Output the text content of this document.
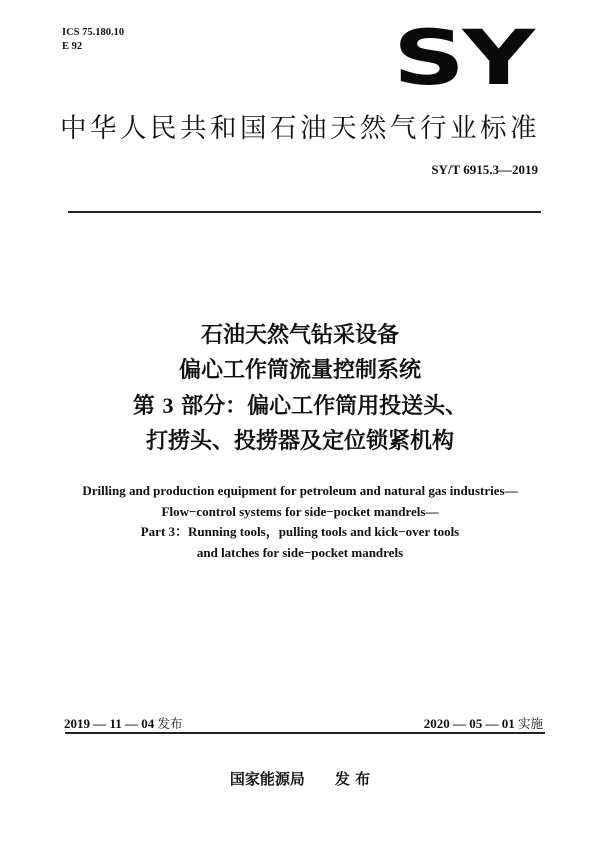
ICS 75.180.10
E 92	SY
中华人民共和国石油天然气行业标准
SY/T 6915.3—2019
石油天然气钻采设备
偏心工作筒流量控制系统
第 3 部分：偏心工作筒用投送头、
打捞头、投捞器及定位锁紧机构
Drilling and production equipment for petroleum and natural gas industries—
Flow−control systems for side−pocket mandrels—
Part 3：Running tools，pulling tools and kick−over tools
and latches for side−pocket mandrels
2019 — 11 — 04 发布	2020 — 05 — 01 实施
国家能源局 发 布
